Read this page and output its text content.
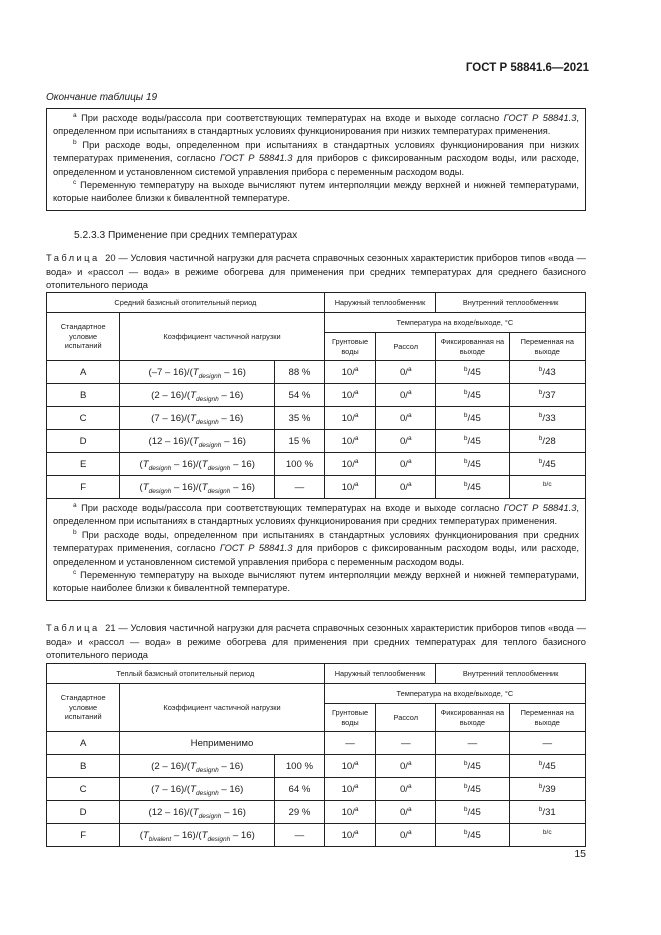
ГОСТ Р 58841.6—2021
Окончание таблицы 19

$^a$ При расходе воды/рассола при соответствующих температурах на входе и выходе согласно ГОСТ Р 58841.3, определенном при испытаниях в стандартных условиях функционирования при низких температурах применения.

$^b$ При расходе воды, определенном при испытаниях в стандартных условиях функционирования при низких температурах применения, согласно ГОСТ Р 58841.3 для приборов с фиксированным расходом воды, или расходе, определенном и установленном системой управления прибора с переменным расходом воды.

$^c$ Переменную температуру на выходе вычисляют путем интерполяции между верхней и нижней температурами, которые наиболее близки к бивалентной температуре.

5.2.3.3 Применение при средних температурах
Таблица 20 — Условия частичной нагрузки для расчета справочных сезонных характеристик приборов типов «вода — вода» и «рассол — вода» в режиме обогрева для применения при средних температурах для среднего базисного отопительного периода
Средний базисный отопительный период			Наружный теплообменник		Внутренний теплообменник	
Стандартное условие испытаний	Коэффициент частичной нагрузки		Температура на входе/выходе, °С			
			Грунтовые воды	Рассол	Фиксированная на выходе	Переменная на выходе
A	$(-7 - 16)/(T_{designh} - 16)$	88 %	10/$^a$	0/$^a$	$^b$/45	$^b$/43
B	$(2 - 16)/(T_{designh} - 16)$	54 %	10/$^a$	0/$^a$	$^b$/45	$^b$/37
C	$(7 - 16)/(T_{designh} - 16)$	35 %	10/$^a$	0/$^a$	$^b$/45	$^b$/33
D	$(12 - 16)/(T_{designh} - 16)$	15 %	10/$^a$	0/$^a$	$^b$/45	$^b$/28
E	$(T_{designh} - 16)/(T_{designh} - 16)$	100 %	10/$^a$	0/$^a$	$^b$/45	$^b$/45
F	$(T_{designh} - 16)/(T_{designh} - 16)$	—	10/$^a$	0/$^a$	$^b$/45	$^{b/c}$

$^a$ При расходе воды/рассола при соответствующих температурах на входе и выходе согласно ГОСТ Р 58841.3, определенном при испытаниях в стандартных условиях функционирования при средних температурах применения.
$^b$ При расходе воды, определенном при испытаниях в стандартных условиях функционирования при средних температурах применения, согласно ГОСТ Р 58841.3 для приборов с фиксированным расходом воды, или расходе, определенном и установленном системой управления прибора с переменным расходом воды.
$^c$ Переменную температуру на выходе вычисляют путем интерполяции между верхней и нижней температурами, которые наиболее близки к бивалентной температуре.						
Таблица 21 — Условия частичной нагрузки для расчета справочных сезонных характеристик приборов типов «вода — вода» и «рассол — вода» в режиме обогрева для применения при средних температурах для теплого базисного отопительного периода
Теплый базисный отопительный период			Наружный теплообменник		Внутренний теплообменник	
Стандартное условие испытаний	Коэффициент частичной нагрузки		Температура на входе/выходе, °С			
			Грунтовые воды	Рассол	Фиксированная на выходе	Переменная на выходе
A	Неприменимо		—	—	—	—
B	$(2 - 16)/(T_{designh} - 16)$	100 %	10/$^a$	0/$^a$	$^b$/45	$^b$/45
C	$(7 - 16)/(T_{designh} - 16)$	64 %	10/$^a$	0/$^a$	$^b$/45	$^b$/39
D	$(12 - 16)/(T_{designh} - 16)$	29 %	10/$^a$	0/$^a$	$^b$/45	$^b$/31
F	$(T_{bivalent} - 16)/(T_{designh} - 16)$	—	10/$^a$	0/$^a$	$^b$/45	$^{b/c}$
15
